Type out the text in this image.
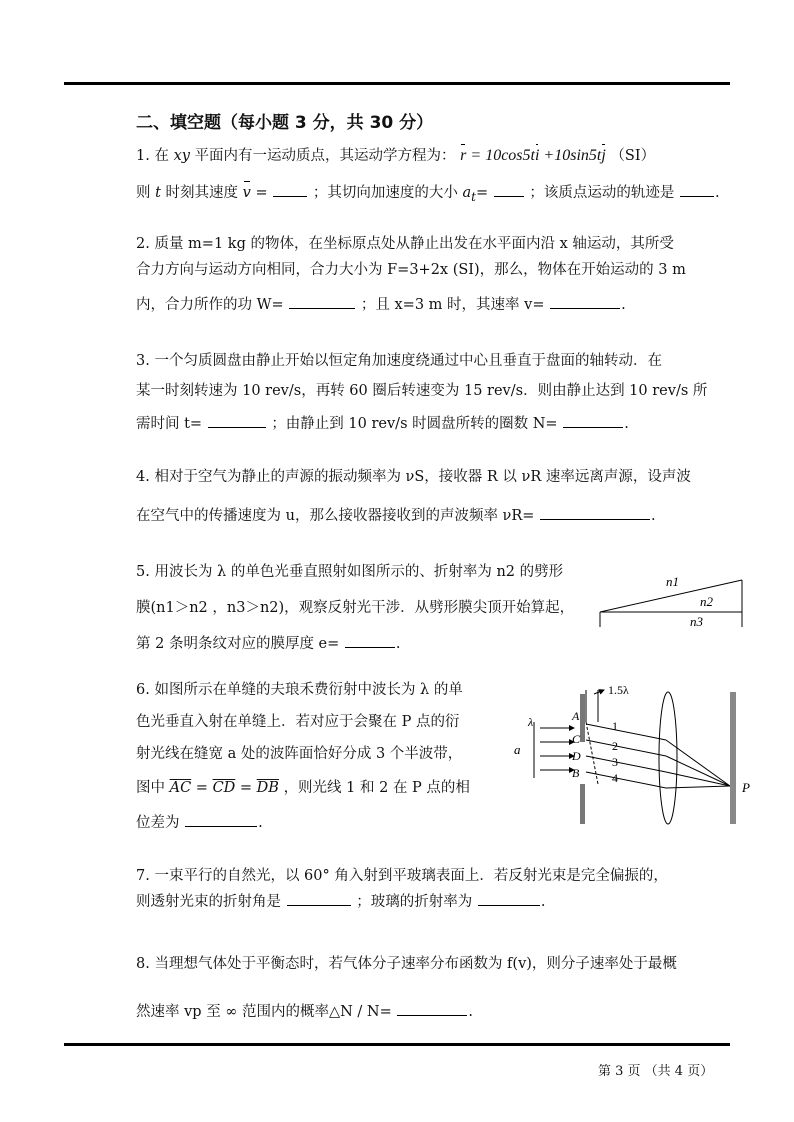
二、填空题（每小题 3 分，共 30 分）
1. 在 xy 平面内有一运动质点，其运动学方程为： r = 10cos5ti +10sin5tj （SI）
则 t 时刻其速度 v =	；其切向加速度的大小 $a_t=$	；该质点运动的轨迹是	.
2. 质量 m=1 kg 的物体，在坐标原点处从静止出发在水平面内沿 x 轴运动，其所受
合力方向与运动方向相同，合力大小为 F=3+2x (SI)，那么，物体在开始运动的 3 m
内，合力所作的功 W=	；且 x=3 m 时，其速率 v=	.
3. 一个匀质圆盘由静止开始以恒定角加速度绕通过中心且垂直于盘面的轴转动．在
某一时刻转速为 10 rev/s，再转 60 圈后转速变为 15 rev/s．则由静止达到 10 rev/s 所
需时间 t=	；由静止到 10 rev/s 时圆盘所转的圈数 N=	.
4. 相对于空气为静止的声源的振动频率为 νS，接收器 R 以 νR 速率远离声源，设声波
在空气中的传播速度为 u，那么接收器接收到的声波频率 νR=	.
5. 用波长为 λ 的单色光垂直照射如图所示的、折射率为 n2 的劈形
膜(n1＞n2 ，n3＞n2)，观察反射光干涉．从劈形膜尖顶开始算起，
第 2 条明条纹对应的膜厚度 e=	.
n1
n2
n3
6. 如图所示在单缝的夫琅禾费衍射中波长为 λ 的单
色光垂直入射在单缝上．若对应于会聚在 P 点的衍
射光线在缝宽 a 处的波阵面恰好分成 3 个半波带，
图中 $\overline{AC} = \overline{CD} = \overline{DB}$ ，则光线 1 和 2 在 P 点的相
位差为	.
λ
a
A
C
D
B
1.5λ
1
2
3
4
P
7. 一束平行的自然光，以 60° 角入射到平玻璃表面上．若反射光束是完全偏振的，
则透射光束的折射角是	；玻璃的折射率为	.
8. 当理想气体处于平衡态时，若气体分子速率分布函数为 f(v)，则分子速率处于最概
然速率 vp 至 ∞ 范围内的概率△N / N=	.
第 3 页 （共 4 页）
